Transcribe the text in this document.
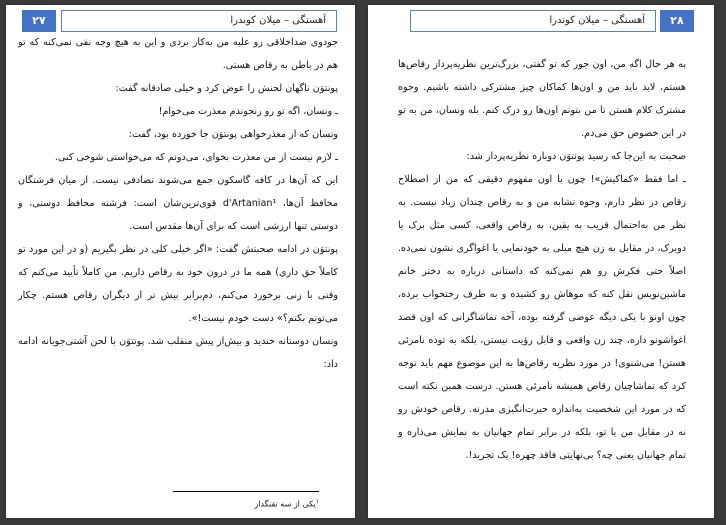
۲۷	آهستگی – میلان کوندرا

جودوی ضداخلاقی رو علیه من به‌کار بردی و این به هیچ وجه نفی نمی‌کنه که تو هم در باطن به رقاص هستی.

پونتوَن ناگهان لحنش را عوض کرد و خیلی صادقانه گفت:

ـ ونسان، اگه تو رو رنجوندم معذرت می‌خوام!

ونسان که از معذرخواهی پونتوَن جا خورده بود، گفت:

ـ لازم نیست از من معذرت بخوای، می‌دونم که می‌خواستی شوخی کنی.

این که آن‌ها در کافه گاسکون جمع می‌شوند تصادفی نیست. از میان فرشتگان محافظ آن‌ها، d'Artanian¹ قوی‌ترین‌شان است: فرشته محافظ دوستی، و دوستی تنها ارزشی است که برای آن‌ها مقدس است.

پونتوَن در ادامه صحبتش گفت: «اگر خیلی کلی در نظر بگیریم (و در این مورد تو کاملاً حق داری) همه ما در درون خود به رقاص داریم. من کاملاً تأیید می‌کنم که وقتی با زنی برخورد می‌کنم، دم‌برابر بیش تر از دیگران رقاص هستم. چکار می‌تونم بکنم؟» دست خودم نیست!».

ونسان دوستانه خندید و بیش‌از پیش منقلب شد. پونتوَن با لحن آشتی‌جویانه ادامه داد:

$^۱$یکی از سه تفنگدار
آهستگی – میلان کوندرا	۲۸

به هر حال اگه من، اون جور که تو گفتی، بزرگ‌ترین نظریه‌پرداز رقاص‌ها هستم، لابد باید من و اون‌ها کماکان چیز مشترکی داشته باشیم. وجوه مشترک کلام هستن تا من بتونم اون‌ها رو درک کنم. بله ونسان، من به تو در این خصوص حق می‌دم.

صحبت به این‌جا که رسید پونتوَن دوباره نظریه‌پرداز شد:

ـ اما فقط «کماکیش»! چون با اون مفهوم دقیقی که من از اصطلاح رقاص در نظر دارم، وجوه تشابه من و به رقاص چندان زیاد نیست. به نظر من به‌احتمال قریب به یقین، به رقاص واقعی، کسی مثل برک یا دوبرک، در مقابل به زن هیچ میلی به خودنمایی یا اغواگری نشون نمی‌ده. اصلاً حتی فکرش رو هم نمی‌کنه که داستانی درباره به دختر خانم ماشین‌نویس نقل کنه که موهاش رو کشیده و به طرف رختخواب برده، چون اونو با یکی دیگه عوضی گرفته بوده، آخه تماشاگرانی که اون قصد اغواشونو داره، چند زن واقعی و قابل رؤیت نیستن، بلکه به توده نامرئی هستن! می‌شنوی! در مورد نظریه رقاص‌ها به این موضوع مهم باید توجه کرد که تماشاچیان رقاص همیشه نامرئی هستن. درست همین نکته است که در مورد این شخصیت به‌اندازه حیرت‌انگیزی مدرنه. رقاص خودش رو نه در مقابل من یا تو، بلکه در برابر تمام جهانیان به نمایش می‌ذاره و تمام جهانیان یعنی چه؟ بی‌نهایتی فاقد چهره! یک تجرید!.
